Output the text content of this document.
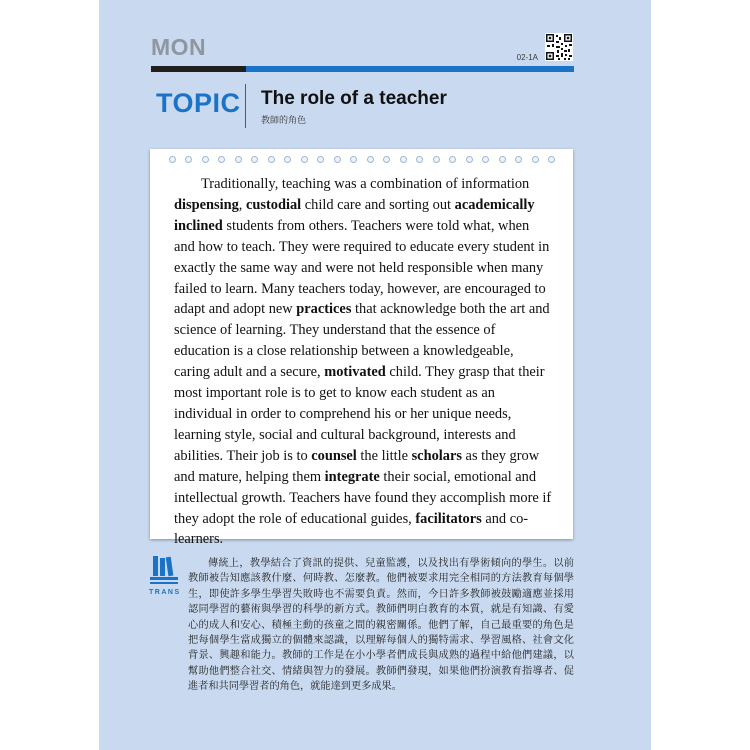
MON	02-1A
TOPIC The role of a teacher
教師的角色

Traditionally, teaching was a combination of information dispensing, custodial child care and sorting out academically inclined students from others. Teachers were told what, when and how to teach. They were required to educate every student in exactly the same way and were not held responsible when many failed to learn. Many teachers today, however, are encouraged to adapt and adopt new practices that acknowledge both the art and science of learning. They understand that the essence of education is a close relationship between a knowledgeable, caring adult and a secure, motivated child. They grasp that their most important role is to get to know each student as an individual in order to comprehend his or her unique needs, learning style, social and cultural background, interests and abilities. Their job is to counsel the little scholars as they grow and mature, helping them integrate their social, emotional and intellectual growth. Teachers have found they accomplish more if they adopt the role of educational guides, facilitators and co-learners.

TRANS

傳統上，教學結合了資訊的提供、兒童監護，以及找出有學術傾向的學生。以前教師被告知應該教什麼、何時教、怎麼教。他們被要求用完全相同的方法教育每個學生，即使許多學生學習失敗時也不需要負責。然而，今日許多教師被鼓勵適應並採用認同學習的藝術與學習的科學的新方式。教師們明白教育的本質，就是有知識、有愛心的成人和安心、積極主動的孩童之間的親密關係。他們了解，自己最重要的角色是把每個學生當成獨立的個體來認識，以理解每個人的獨特需求、學習風格、社會文化背景、興趣和能力。教師的工作是在小小學者們成長與成熟的過程中給他們建議，以幫助他們整合社交、情緒與智力的發展。教師們發現，如果他們扮演教育指導者、促進者和共同學習者的角色，就能達到更多成果。
